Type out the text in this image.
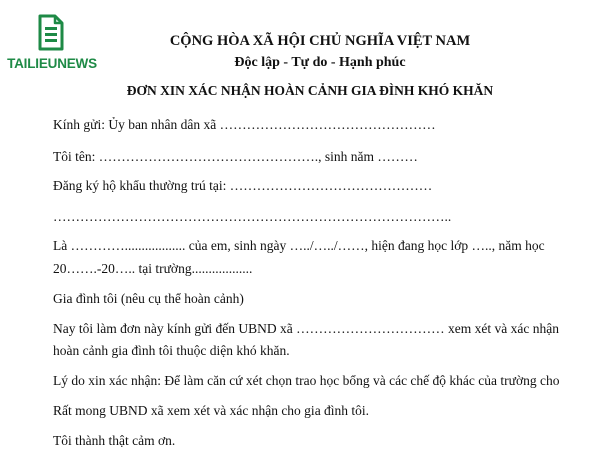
TAILIEUNEWS
CỘNG HÒA XÃ HỘI CHỦ NGHĨA VIỆT NAM
Độc lập - Tự do - Hạnh phúc
ĐƠN XIN XÁC NHẬN HOÀN CẢNH GIA ĐÌNH KHÓ KHĂN
Kính gửi: Ủy ban nhân dân xã …………………………………………
Tôi tên: …………………………………………., sinh năm ………
Đăng ký hộ khẩu thường trú tại: ………………………………………
……………………………………………………………………………..
Là ………….................. của em, sinh ngày …../…../……, hiện đang học lớp ….., năm học
20…….-20….. tại trường..................
Gia đình tôi (nêu cụ thể hoàn cảnh)
Nay tôi làm đơn này kính gửi đến UBND xã …………………………… xem xét và xác nhận
hoàn cảnh gia đình tôi thuộc diện khó khăn.
Lý do xin xác nhận: Để làm căn cứ xét chọn trao học bổng và các chế độ khác của trường cho
Rất mong UBND xã xem xét và xác nhận cho gia đình tôi.
Tôi thành thật cảm ơn.
